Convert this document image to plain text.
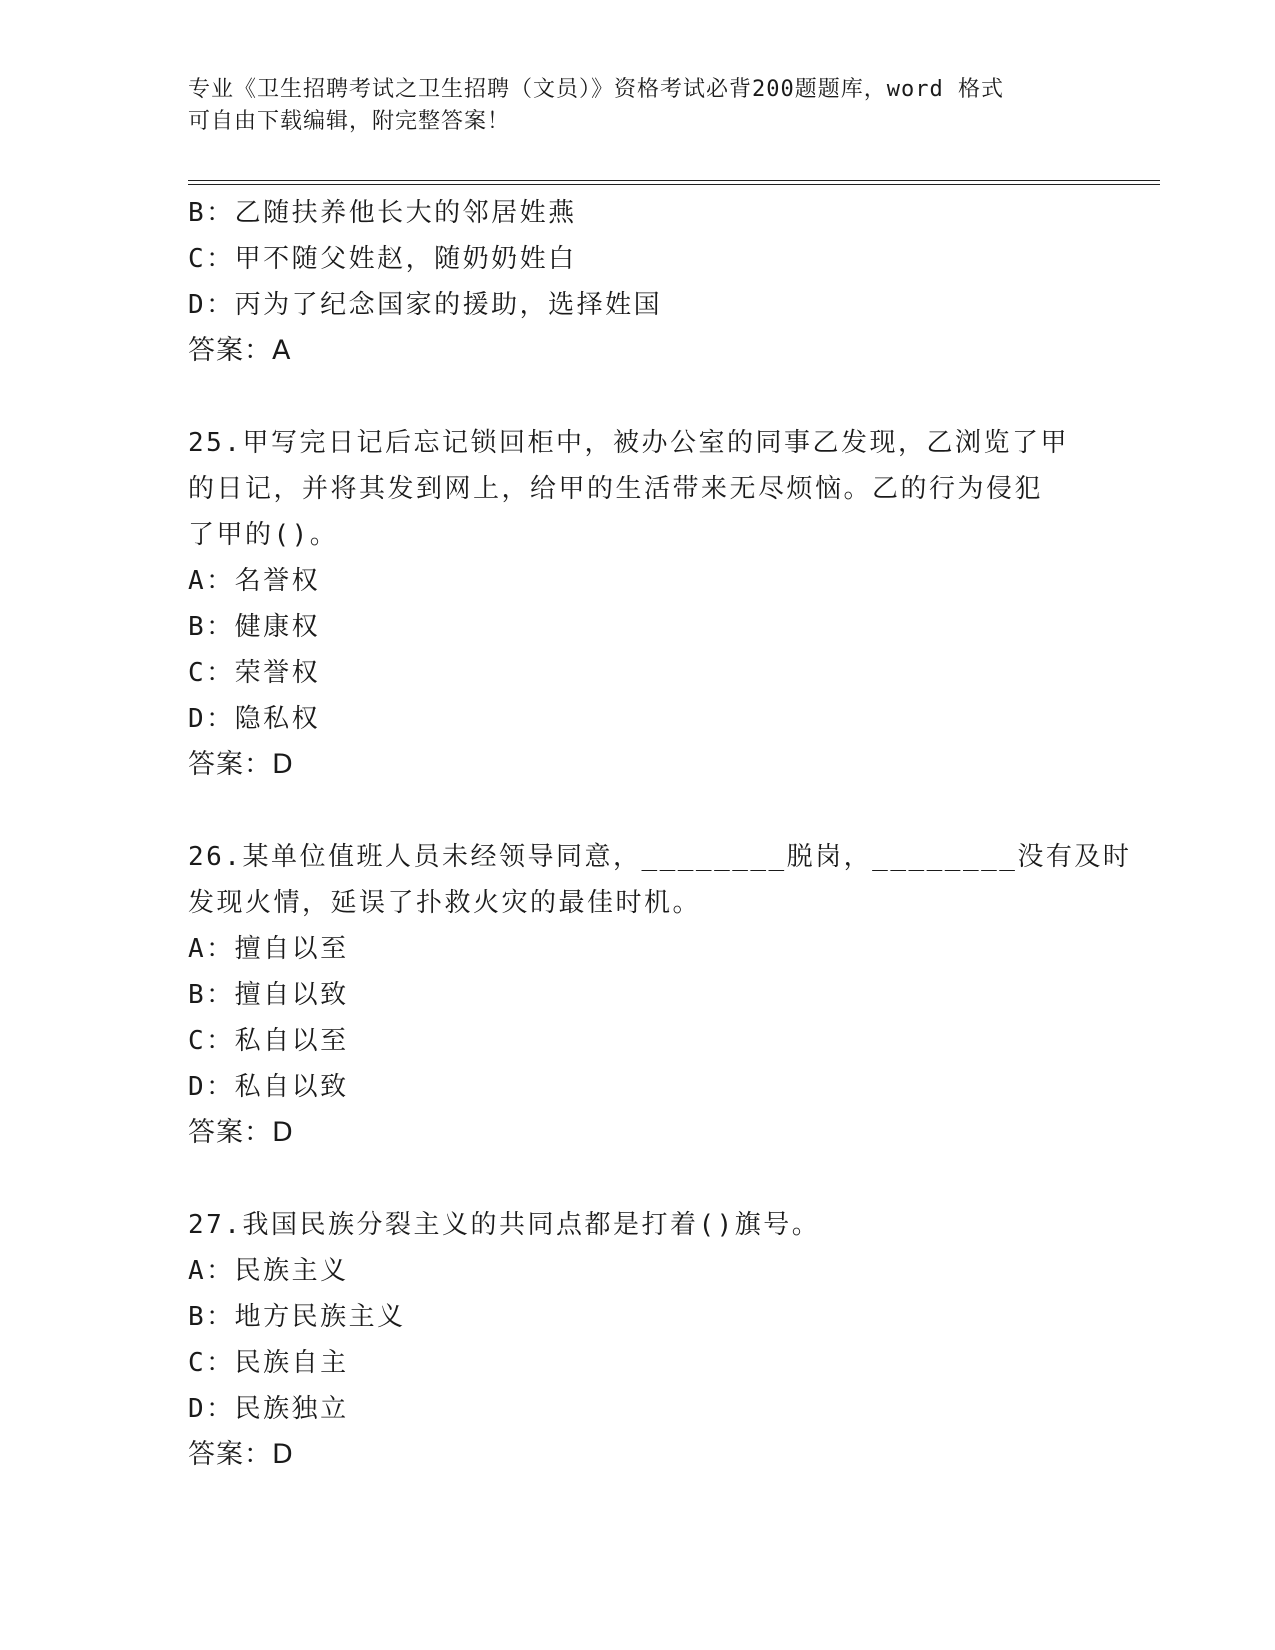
专业《卫生招聘考试之卫生招聘（文员）》资格考试必背200题题库，word 格式
可自由下载编辑，附完整答案！
B：乙随扶养他长大的邻居姓燕
C：甲不随父姓赵，随奶奶姓白
D：丙为了纪念国家的援助，选择姓国
答案：A
25.甲写完日记后忘记锁回柜中，被办公室的同事乙发现，乙浏览了甲
的日记，并将其发到网上，给甲的生活带来无尽烦恼。乙的行为侵犯
了甲的()。
A：名誉权
B：健康权
C：荣誉权
D：隐私权
答案：D
26.某单位值班人员未经领导同意，________脱岗，________没有及时
发现火情，延误了扑救火灾的最佳时机。
A：擅自以至
B：擅自以致
C：私自以至
D：私自以致
答案：D
27.我国民族分裂主义的共同点都是打着()旗号。
A：民族主义
B：地方民族主义
C：民族自主
D：民族独立
答案：D
